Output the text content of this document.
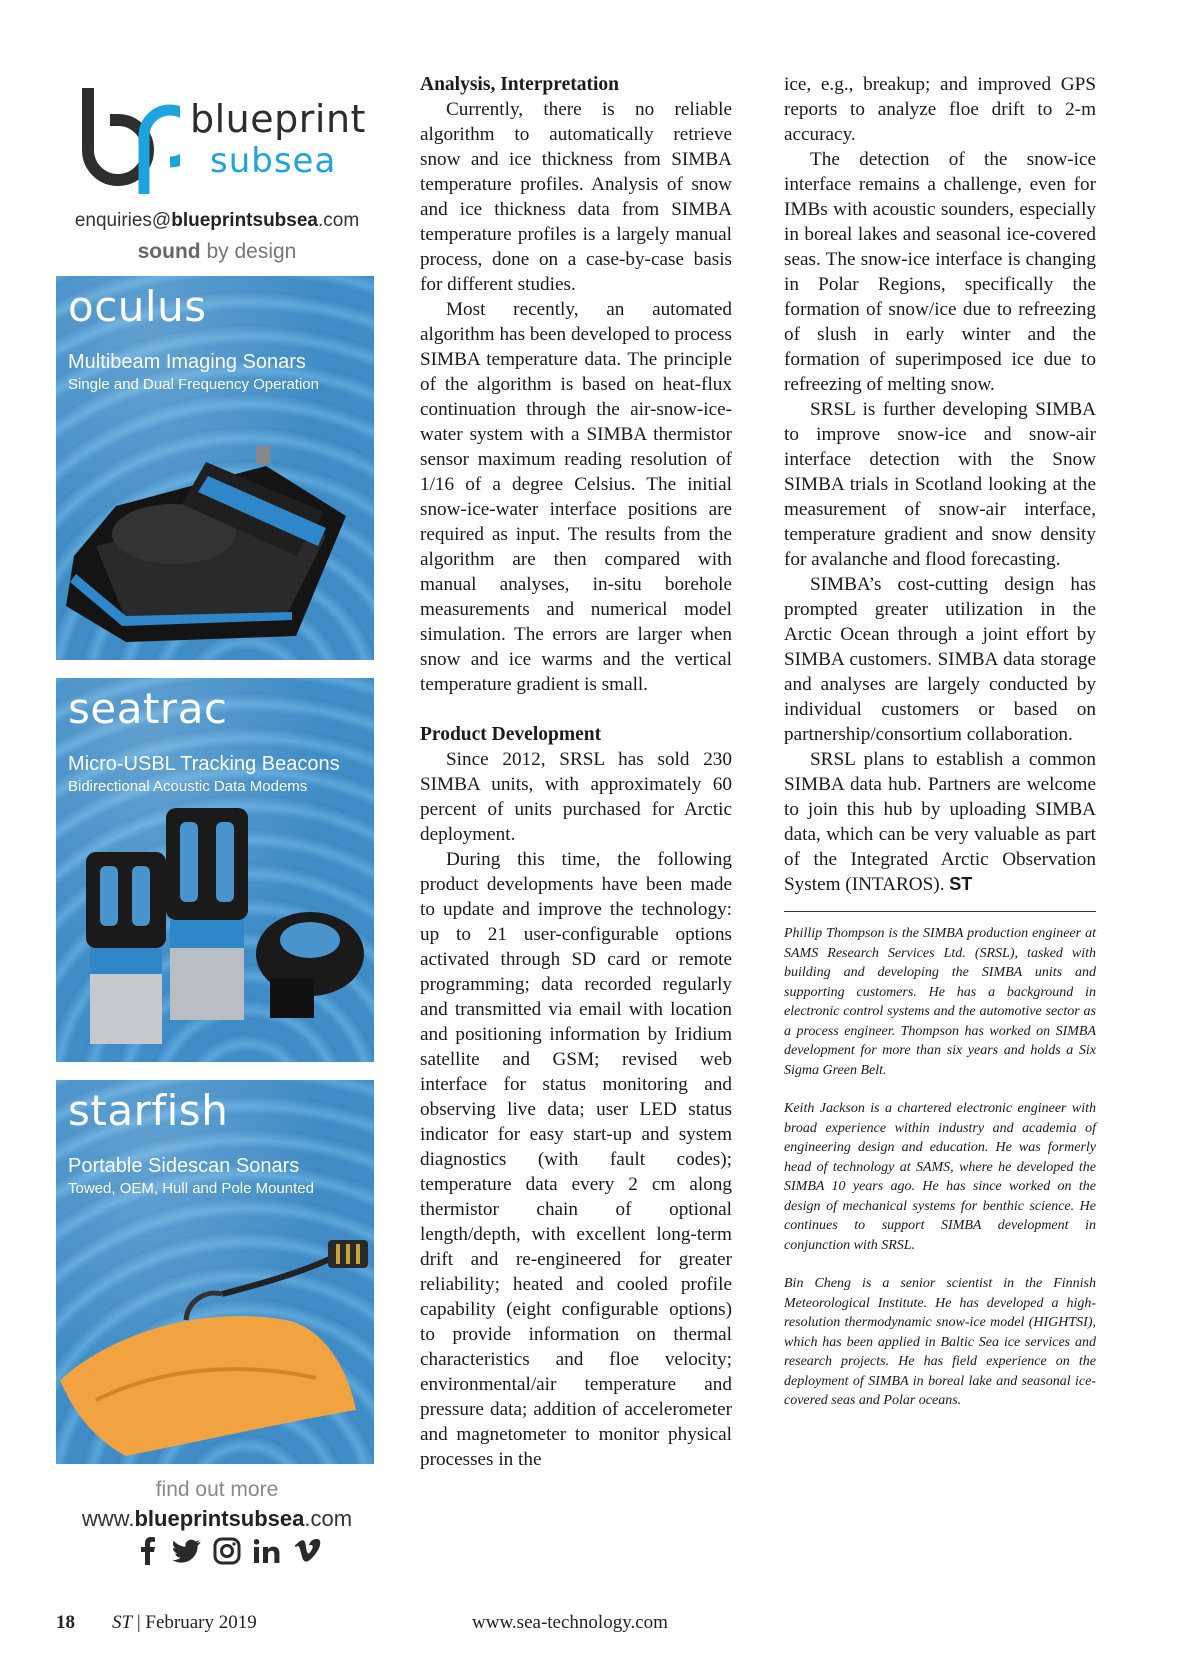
blueprint
subsea
enquiries@blueprintsubsea.com
sound by design
oculus
Multibeam Imaging Sonars
Single and Dual Frequency Operation
seatrac
Micro-USBL Tracking Beacons
Bidirectional Acoustic Data Modems
starfish
Portable Sidescan Sonars
Towed, OEM, Hull and Pole Mounted
find out more
www.blueprintsubsea.com
Analysis, Interpretation

Currently, there is no reliable algorithm to automatically retrieve snow and ice thickness from SIMBA temperature profiles. Analysis of snow and ice thickness data from SIMBA temperature profiles is a largely manual process, done on a case-by-case basis for different studies.

Most recently, an automated algorithm has been developed to process SIMBA temperature data. The principle of the algorithm is based on heat-flux continuation through the air-snow-ice-water system with a SIMBA thermistor sensor maximum reading resolution of 1/16 of a degree Celsius. The initial snow-ice-water interface positions are required as input. The results from the algorithm are then compared with manual analyses, in-situ borehole measurements and numerical model simulation. The errors are larger when snow and ice warms and the vertical temperature gradient is small.

Product Development

Since 2012, SRSL has sold 230 SIMBA units, with approximately 60 percent of units purchased for Arctic deployment.

During this time, the following product developments have been made to update and improve the technology: up to 21 user-configurable options activated through SD card or remote programming; data recorded regularly and transmitted via email with location and positioning information by Iridium satellite and GSM; revised web interface for status monitoring and observing live data; user LED status indicator for easy start-up and system diagnostics (with fault codes); temperature data every 2 cm along thermistor chain of optional length/depth, with excellent long-term drift and re-engineered for greater reliability; heated and cooled profile capability (eight configurable options) to provide information on thermal characteristics and floe velocity; environmental/air temperature and pressure data; addition of accelerometer and magnetometer to monitor physical processes in the

ice, e.g., breakup; and improved GPS reports to analyze floe drift to 2-m accuracy.

The detection of the snow-ice interface remains a challenge, even for IMBs with acoustic sounders, especially in boreal lakes and seasonal ice-covered seas. The snow-ice interface is changing in Polar Regions, specifically the formation of snow/ice due to refreezing of slush in early winter and the formation of superimposed ice due to refreezing of melting snow.

SRSL is further developing SIMBA to improve snow-ice and snow-air interface detection with the Snow SIMBA trials in Scotland looking at the measurement of snow-air interface, temperature gradient and snow density for avalanche and flood forecasting.

SIMBA’s cost-cutting design has prompted greater utilization in the Arctic Ocean through a joint effort by SIMBA customers. SIMBA data storage and analyses are largely conducted by individual customers or based on partnership/consortium collaboration.

SRSL plans to establish a common SIMBA data hub. Partners are welcome to join this hub by uploading SIMBA data, which can be very valuable as part of the Integrated Arctic Observation System (INTAROS). ST

Phillip Thompson is the SIMBA production engineer at SAMS Research Services Ltd. (SRSL), tasked with building and developing the SIMBA units and supporting customers. He has a background in electronic control systems and the automotive sector as a process engineer. Thompson has worked on SIMBA development for more than six years and holds a Six Sigma Green Belt.

Keith Jackson is a chartered electronic engineer with broad experience within industry and academia of engineering design and education. He was formerly head of technology at SAMS, where he developed the SIMBA 10 years ago. He has since worked on the design of mechanical systems for benthic science. He continues to support SIMBA development in conjunction with SRSL.

Bin Cheng is a senior scientist in the Finnish Meteorological Institute. He has developed a high-resolution thermodynamic snow-ice model (HIGHTSI), which has been applied in Baltic Sea ice services and research projects. He has field experience on the deployment of SIMBA in boreal lake and seasonal ice-covered seas and Polar oceans.

18 ST | February 2019	www.sea-technology.com
